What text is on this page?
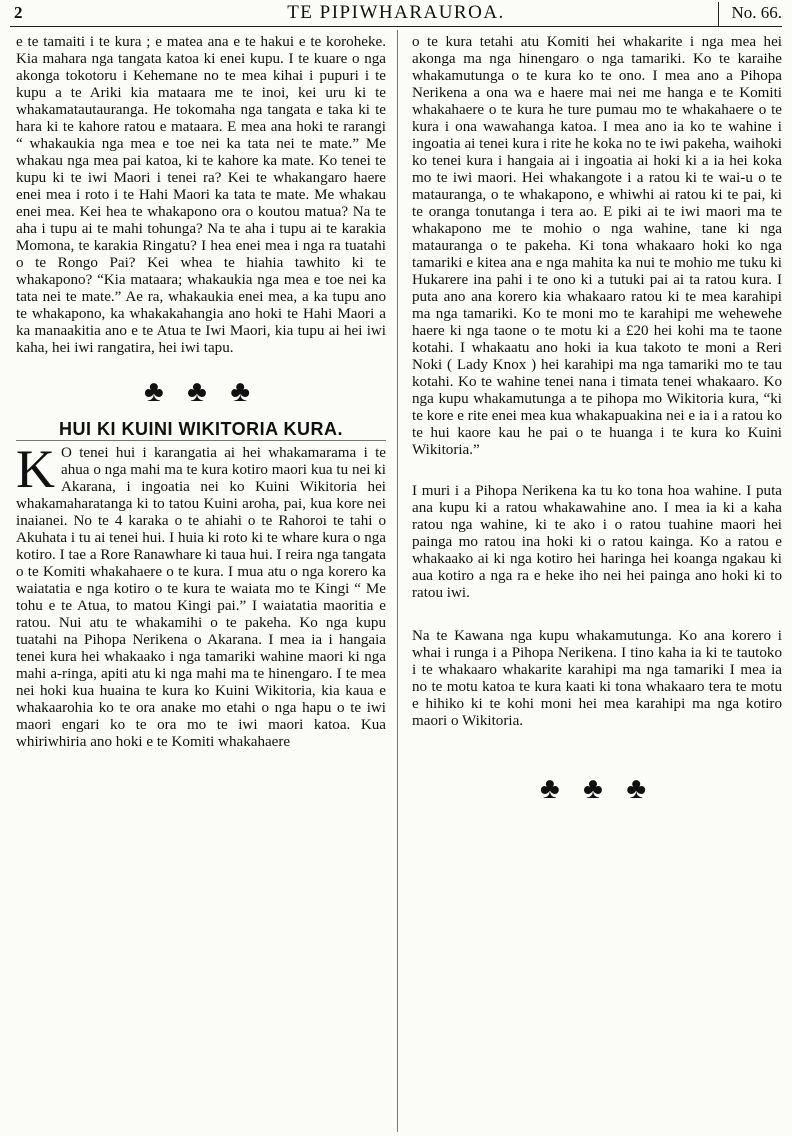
2	TE PIPIWHARAUROA.	No. 66.

e te tamaiti i te kura ; e matea ana e te hakui e te koroheke. Kia mahara nga tangata katoa ki enei kupu. I te kuare o nga akonga tokotoru i Kehemane no te mea kihai i pupuri i te kupu a te Ariki kia mataara me te inoi, kei uru ki te whakamatautauranga. He tokomaha nga tangata e taka ki te hara ki te kahore ratou e mataara. E mea ana hoki te rarangi “ whakaukia nga mea e toe nei ka tata nei te mate.” Me whakau nga mea pai katoa, ki te kahore ka mate. Ko tenei te kupu ki te iwi Maori i tenei ra? Kei te whakangaro haere enei mea i roto i te Hahi Maori ka tata te mate. Me whakau enei mea. Kei hea te whakapono ora o koutou matua? Na te aha i tupu ai te mahi tohunga? Na te aha i tupu ai te karakia Momona, te karakia Ringatu? I hea enei mea i nga ra tuatahi o te Rongo Pai? Kei whea te hiahia tawhito ki te whakapono? “Kia mataara; whakaukia nga mea e toe nei ka tata nei te mate.” Ae ra, whakaukia enei mea, a ka tupu ano te whakapono, ka whakakahangia ano hoki te Hahi Maori a ka manaakitia ano e te Atua te Iwi Maori, kia tupu ai hei iwi kaha, hei iwi rangatira, hei iwi tapu.

♣ ♣ ♣
HUI KI KUINI WIKITORIA KURA.

K O tenei hui i karangatia ai hei whakamarama i te ahua o nga mahi ma te kura kotiro maori kua tu nei ki Akarana, i ingoatia nei ko Kuini Wikitoria hei whakamaharatanga ki to tatou Kuini aroha, pai, kua kore nei inaianei. No te 4 karaka o te ahiahi o te Rahoroi te tahi o Akuhata i tu ai tenei hui. I huia ki roto ki te whare kura o nga kotiro. I tae a Rore Ranawhare ki taua hui. I reira nga tangata o te Komiti whakahaere o te kura. I mua atu o nga korero ka waiatatia e nga kotiro o te kura te waiata mo te Kingi “ Me tohu e te Atua, to matou Kingi pai.” I waiatatia maoritia e ratou. Nui atu te whakamihi o te pakeha. Ko nga kupu tuatahi na Pihopa Nerikena o Akarana. I mea ia i hangaia tenei kura hei whakaako i nga tamariki wahine maori ki nga mahi a-ringa, apiti atu ki nga mahi ma te hinengaro. I te mea nei hoki kua huaina te kura ko Kuini Wikitoria, kia kaua e whakaarohia ko te ora anake mo etahi o nga hapu o te iwi maori engari ko te ora mo te iwi maori katoa. Kua whiriwhiria ano hoki e te Komiti whakahaere

o te kura tetahi atu Komiti hei whakarite i nga mea hei akonga ma nga hinengaro o nga tamariki. Ko te karaihe whakamutunga o te kura ko te ono. I mea ano a Pihopa Nerikena a ona wa e haere mai nei me hanga e te Komiti whakahaere o te kura he ture pumau mo te whakahaere o te kura i ona wawahanga katoa. I mea ano ia ko te wahine i ingoatia ai tenei kura i rite he koka no te iwi pakeha, waihoki ko tenei kura i hangaia ai i ingoatia ai hoki ki a ia hei koka mo te iwi maori. Hei whakangote i a ratou ki te wai-u o te matauranga, o te whakapono, e whiwhi ai ratou ki te pai, ki te oranga tonutanga i tera ao. E piki ai te iwi maori ma te whakapono me te mohio o nga wahine, tane ki nga matauranga o te pakeha. Ki tona whakaaro hoki ko nga tamariki e kitea ana e nga mahita ka nui te mohio me tuku ki Hukarere ina pahi i te ono ki a tutuki pai ai ta ratou kura. I puta ano ana korero kia whakaaro ratou ki te mea karahipi ma nga tamariki. Ko te moni mo te karahipi me wehewehe haere ki nga taone o te motu ki a £20 hei kohi ma te taone kotahi. I whakaatu ano hoki ia kua takoto te moni a Reri Noki ( Lady Knox ) hei karahipi ma nga tamariki mo te tau kotahi. Ko te wahine tenei nana i timata tenei whakaaro. Ko nga kupu whakamutunga a te pihopa mo Wikitoria kura, “ki te kore e rite enei mea kua whakapuakina nei e ia i a ratou ko te hui kaore kau he pai o te huanga i te kura ko Kuini Wikitoria.”

I muri i a Pihopa Nerikena ka tu ko tona hoa wahine. I puta ana kupu ki a ratou whakawahine ano. I mea ia ki a kaha ratou nga wahine, ki te ako i o ratou tuahine maori hei painga mo ratou ina hoki ki o ratou kainga. Ko a ratou e whakaako ai ki nga kotiro hei haringa hei koanga ngakau ki aua kotiro a nga ra e heke iho nei hei painga ano hoki ki to ratou iwi.

Na te Kawana nga kupu whakamutunga. Ko ana korero i whai i runga i a Pihopa Nerikena. I tino kaha ia ki te tautoko i te whakaaro whakarite karahipi ma nga tamariki I mea ia no te motu katoa te kura kaati ki tona whakaaro tera te motu e hihiko ki te kohi moni hei mea karahipi ma nga kotiro maori o Wikitoria.

♣ ♣ ♣
